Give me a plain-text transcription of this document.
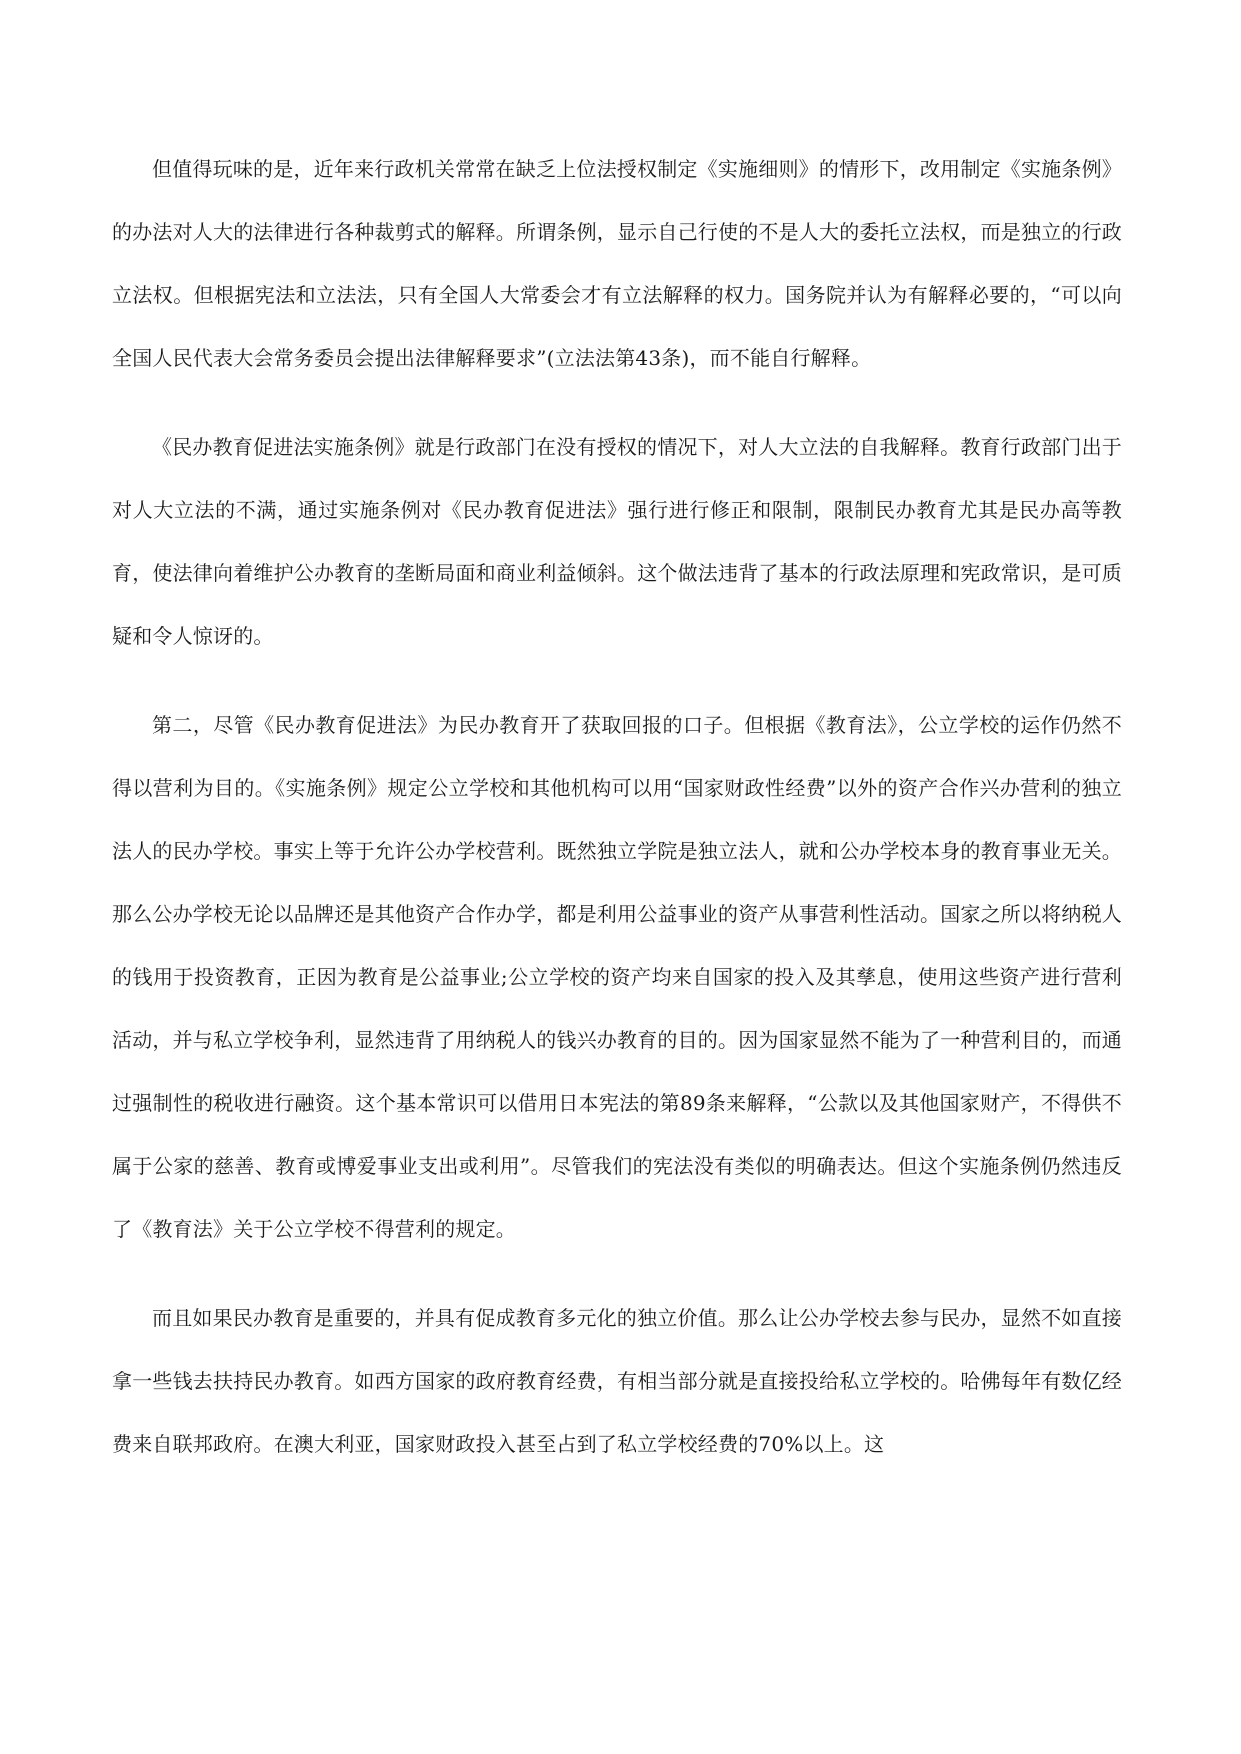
但值得玩味的是，近年来行政机关常常在缺乏上位法授权制定《实施细则》的情形下，改用制定《实施条例》的办法对人大的法律进行各种裁剪式的解释。所谓条例，显示自己行使的不是人大的委托立法权，而是独立的行政立法权。但根据宪法和立法法，只有全国人大常委会才有立法解释的权力。国务院并认为有解释必要的，“可以向全国人民代表大会常务委员会提出法律解释要求”(立法法第43条)，而不能自行解释。

《民办教育促进法实施条例》就是行政部门在没有授权的情况下，对人大立法的自我解释。教育行政部门出于对人大立法的不满，通过实施条例对《民办教育促进法》强行进行修正和限制，限制民办教育尤其是民办高等教育，使法律向着维护公办教育的垄断局面和商业利益倾斜。这个做法违背了基本的行政法原理和宪政常识，是可质疑和令人惊讶的。

第二，尽管《民办教育促进法》为民办教育开了获取回报的口子。但根据《教育法》，公立学校的运作仍然不得以营利为目的。《实施条例》规定公立学校和其他机构可以用“国家财政性经费”以外的资产合作兴办营利的独立法人的民办学校。事实上等于允许公办学校营利。既然独立学院是独立法人，就和公办学校本身的教育事业无关。那么公办学校无论以品牌还是其他资产合作办学，都是利用公益事业的资产从事营利性活动。国家之所以将纳税人的钱用于投资教育，正因为教育是公益事业;公立学校的资产均来自国家的投入及其孳息，使用这些资产进行营利活动，并与私立学校争利，显然违背了用纳税人的钱兴办教育的目的。因为国家显然不能为了一种营利目的，而通过强制性的税收进行融资。这个基本常识可以借用日本宪法的第89条来解释，“公款以及其他国家财产，不得供不属于公家的慈善、教育或博爱事业支出或利用”。尽管我们的宪法没有类似的明确表达。但这个实施条例仍然违反了《教育法》关于公立学校不得营利的规定。

而且如果民办教育是重要的，并具有促成教育多元化的独立价值。那么让公办学校去参与民办，显然不如直接拿一些钱去扶持民办教育。如西方国家的政府教育经费，有相当部分就是直接投给私立学校的。哈佛每年有数亿经费来自联邦政府。在澳大利亚，国家财政投入甚至占到了私立学校经费的70%以上。这
